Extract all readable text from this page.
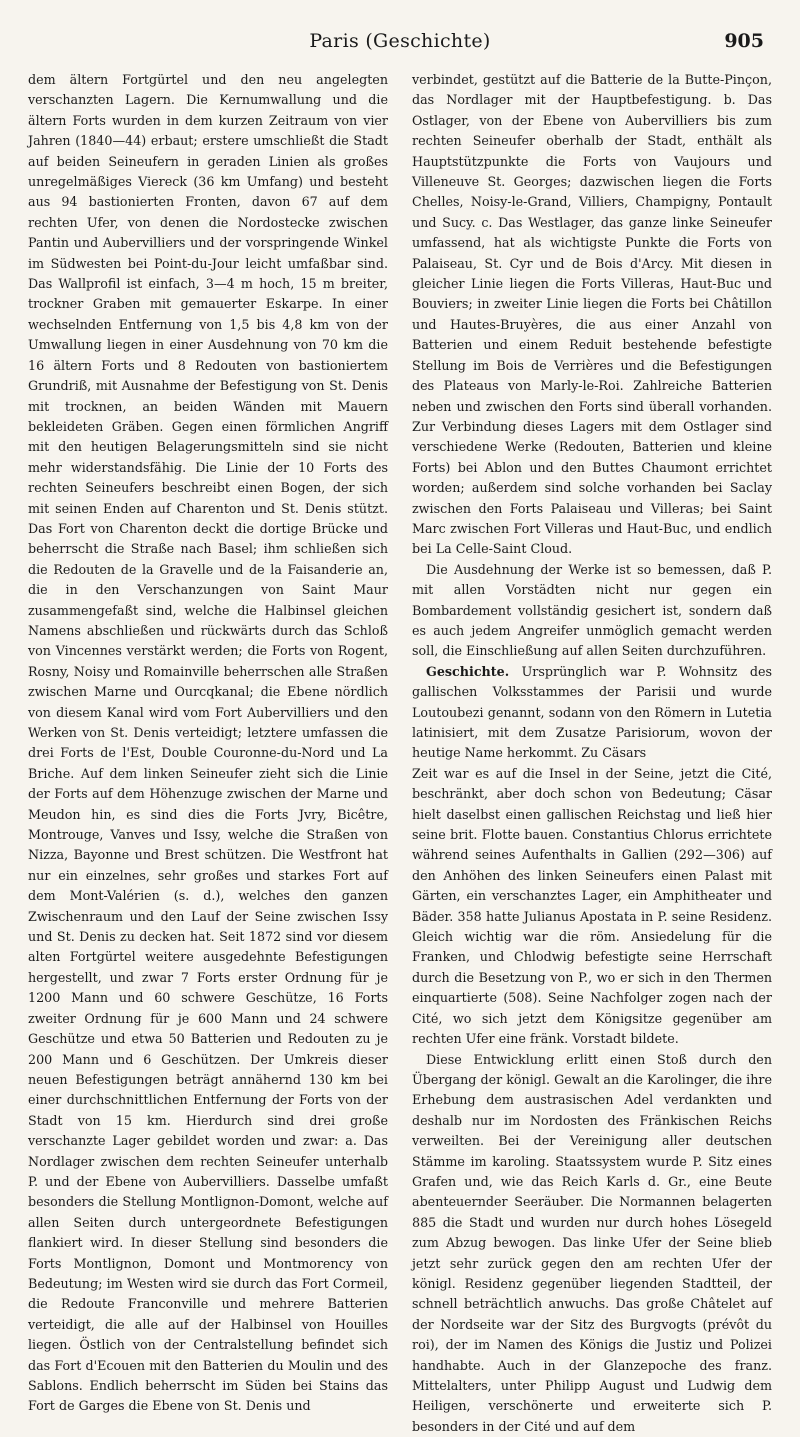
Paris (Geschichte)	905

dem ältern Fortgürtel und den neu angelegten verschanzten Lagern. Die Kernumwallung und die ältern Forts wurden in dem kurzen Zeitraum von vier Jahren (1840—44) erbaut; erstere umschließt die Stadt auf beiden Seineufern in geraden Linien als großes unregelmäßiges Viereck (36 km Umfang) und besteht aus 94 bastionierten Fronten, davon 67 auf dem rechten Ufer, von denen die Nordostecke zwischen Pantin und Aubervilliers und der vorspringende Winkel im Südwesten bei Point-du-Jour leicht umfaßbar sind. Das Wallprofil ist einfach, 3—4 m hoch, 15 m breiter, trockner Graben mit gemauerter Eskarpe. In einer wechselnden Entfernung von 1,5 bis 4,8 km von der Umwallung liegen in einer Ausdehnung von 70 km die 16 ältern Forts und 8 Redouten von bastioniertem Grundriß, mit Ausnahme der Befestigung von St. Denis mit trocknen, an beiden Wänden mit Mauern bekleideten Gräben. Gegen einen förmlichen Angriff mit den heutigen Belagerungsmitteln sind sie nicht mehr widerstandsfähig. Die Linie der 10 Forts des rechten Seineufers beschreibt einen Bogen, der sich mit seinen Enden auf Charenton und St. Denis stützt. Das Fort von Charenton deckt die dortige Brücke und beherrscht die Straße nach Basel; ihm schließen sich die Redouten de la Gravelle und de la Faisanderie an, die in den Verschanzungen von Saint Maur zusammengefaßt sind, welche die Halbinsel gleichen Namens abschließen und rückwärts durch das Schloß von Vincennes verstärkt werden; die Forts von Rogent, Rosny, Noisy und Romainville beherrschen alle Straßen zwischen Marne und Ourcqkanal; die Ebene nördlich von diesem Kanal wird vom Fort Aubervilliers und den Werken von St. Denis verteidigt; letztere umfassen die drei Forts de l'Est, Double Couronne-du-Nord und La Briche. Auf dem linken Seineufer zieht sich die Linie der Forts auf dem Höhenzuge zwischen der Marne und Meudon hin, es sind dies die Forts Jvry, Bicêtre, Montrouge, Vanves und Issy, welche die Straßen von Nizza, Bayonne und Brest schützen. Die Westfront hat nur ein einzelnes, sehr großes und starkes Fort auf dem Mont-Valérien (s. d.), welches den ganzen Zwischenraum und den Lauf der Seine zwischen Issy und St. Denis zu decken hat. Seit 1872 sind vor diesem alten Fortgürtel weitere ausgedehnte Befestigungen hergestellt, und zwar 7 Forts erster Ordnung für je 1200 Mann und 60 schwere Geschütze, 16 Forts zweiter Ordnung für je 600 Mann und 24 schwere Geschütze und etwa 50 Batterien und Redouten zu je 200 Mann und 6 Geschützen. Der Umkreis dieser neuen Befestigungen beträgt annähernd 130 km bei einer durchschnittlichen Entfernung der Forts von der Stadt von 15 km. Hierdurch sind drei große verschanzte Lager gebildet worden und zwar: a. Das Nordlager zwischen dem rechten Seineufer unterhalb P. und der Ebene von Aubervilliers. Dasselbe umfaßt besonders die Stellung Montlignon-Domont, welche auf allen Seiten durch untergeordnete Befestigungen flankiert wird. In dieser Stellung sind besonders die Forts Montlignon, Domont und Montmorency von Bedeutung; im Westen wird sie durch das Fort Cormeil, die Redoute Franconville und mehrere Batterien verteidigt, die alle auf der Halbinsel von Houilles liegen. Östlich von der Centralstellung befindet sich das Fort d'Ecouen mit den Batterien du Moulin und des Sablons. Endlich beherrscht im Süden bei Stains das Fort de Garges die Ebene von St. Denis und

verbindet, gestützt auf die Batterie de la Butte-Pinçon, das Nordlager mit der Hauptbefestigung. b. Das Ostlager, von der Ebene von Aubervilliers bis zum rechten Seineufer oberhalb der Stadt, enthält als Hauptstützpunkte die Forts von Vaujours und Villeneuve St. Georges; dazwischen liegen die Forts Chelles, Noisy-le-Grand, Villiers, Champigny, Pontault und Sucy. c. Das Westlager, das ganze linke Seineufer umfassend, hat als wichtigste Punkte die Forts von Palaiseau, St. Cyr und de Bois d'Arcy. Mit diesen in gleicher Linie liegen die Forts Villeras, Haut-Buc und Bouviers; in zweiter Linie liegen die Forts bei Châtillon und Hautes-Bruyères, die aus einer Anzahl von Batterien und einem Reduit bestehende befestigte Stellung im Bois de Verrières und die Befestigungen des Plateaus von Marly-le-Roi. Zahlreiche Batterien neben und zwischen den Forts sind überall vorhanden. Zur Verbindung dieses Lagers mit dem Ostlager sind verschiedene Werke (Redouten, Batterien und kleine Forts) bei Ablon und den Buttes Chaumont errichtet worden; außerdem sind solche vorhanden bei Saclay zwischen den Forts Palaiseau und Villeras; bei Saint Marc zwischen Fort Villeras und Haut-Buc, und endlich bei La Celle-Saint Cloud.

Die Ausdehnung der Werke ist so bemessen, daß P. mit allen Vorstädten nicht nur gegen ein Bombardement vollständig gesichert ist, sondern daß es auch jedem Angreifer unmöglich gemacht werden soll, die Einschließung auf allen Seiten durchzuführen.

Geschichte. Ursprünglich war P. Wohnsitz des gallischen Volksstammes der Parisii und wurde Loutoubezi genannt, sodann von den Römern in Lutetia latinisiert, mit dem Zusatze Parisiorum, wovon der heutige Name herkommt. Zu Cäsars

Zeit war es auf die Insel in der Seine, jetzt die Cité, beschränkt, aber doch schon von Bedeutung; Cäsar hielt daselbst einen gallischen Reichstag und ließ hier seine brit. Flotte bauen. Constantius Chlorus errichtete während seines Aufenthalts in Gallien (292—306) auf den Anhöhen des linken Seineufers einen Palast mit Gärten, ein verschanztes Lager, ein Amphitheater und Bäder. 358 hatte Julianus Apostata in P. seine Residenz. Gleich wichtig war die röm. Ansiedelung für die Franken, und Chlodwig befestigte seine Herrschaft durch die Besetzung von P., wo er sich in den Thermen einquartierte (508). Seine Nachfolger zogen nach der Cité, wo sich jetzt dem Königsitze gegenüber am rechten Ufer eine fränk. Vorstadt bildete.

Diese Entwicklung erlitt einen Stoß durch den Übergang der königl. Gewalt an die Karolinger, die ihre Erhebung dem austrasischen Adel verdankten und deshalb nur im Nordosten des Fränkischen Reichs verweilten. Bei der Vereinigung aller deutschen Stämme im karoling. Staatssystem wurde P. Sitz eines Grafen und, wie das Reich Karls d. Gr., eine Beute abenteuernder Seeräuber. Die Normannen belagerten 885 die Stadt und wurden nur durch hohes Lösegeld zum Abzug bewogen. Das linke Ufer der Seine blieb jetzt sehr zurück gegen den am rechten Ufer der königl. Residenz gegenüber liegenden Stadtteil, der schnell beträchtlich anwuchs. Das große Châtelet auf der Nordseite war der Sitz des Burgvogts (prévôt du roi), der im Namen des Königs die Justiz und Polizei handhabte. Auch in der Glanzepoche des franz. Mittelalters, unter Philipp August und Ludwig dem Heiligen, verschönerte und erweiterte sich P. besonders in der Cité und auf dem
